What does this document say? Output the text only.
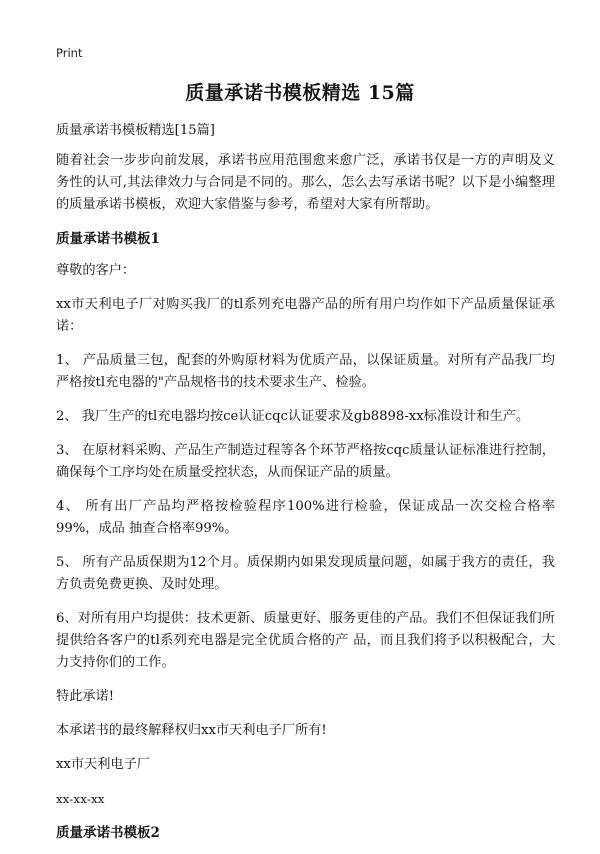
Print
质量承诺书模板精选 15篇

质量承诺书模板精选[15篇]

随着社会一步步向前发展，承诺书应用范围愈来愈广泛，承诺书仅是一方的声明及义务性的认可,其法律效力与合同是不同的。那么，怎么去写承诺书呢？以下是小编整理的质量承诺书模板，欢迎大家借鉴与参考，希望对大家有所帮助。

质量承诺书模板1

尊敬的客户：

xx市天利电子厂对购买我厂的tl系列充电器产品的所有用户均作如下产品质量保证承诺：

1、 产品质量三包，配套的外购原材料为优质产品，以保证质量。对所有产品我厂均严格按tl充电器的"产品规格书的技术要求生产、检验。

2、 我厂生产的tl充电器均按ce认证cqc认证要求及gb8898-xx标准设计和生产。

3、 在原材料采购、产品生产制造过程等各个环节严格按cqc质量认证标准进行控制，确保每个工序均处在质量受控状态，从而保证产品的质量。

4、 所有出厂产品均严格按检验程序100%进行检验，保证成品一次交检合格率99%，成品 抽查合格率99%。

5、 所有产品质保期为12个月。质保期内如果发现质量问题，如属于我方的责任，我方负责免费更换、及时处理。

6、对所有用户均提供：技术更新、质量更好、服务更佳的产品。我们不但保证我们所提供给各客户的tl系列充电器是完全优质合格的产 品，而且我们将予以积极配合，大力支持你们的工作。

特此承诺!

本承诺书的最终解释权归xx市天利电子厂所有!

xx市天利电子厂

xx-xx-xx

质量承诺书模板2
